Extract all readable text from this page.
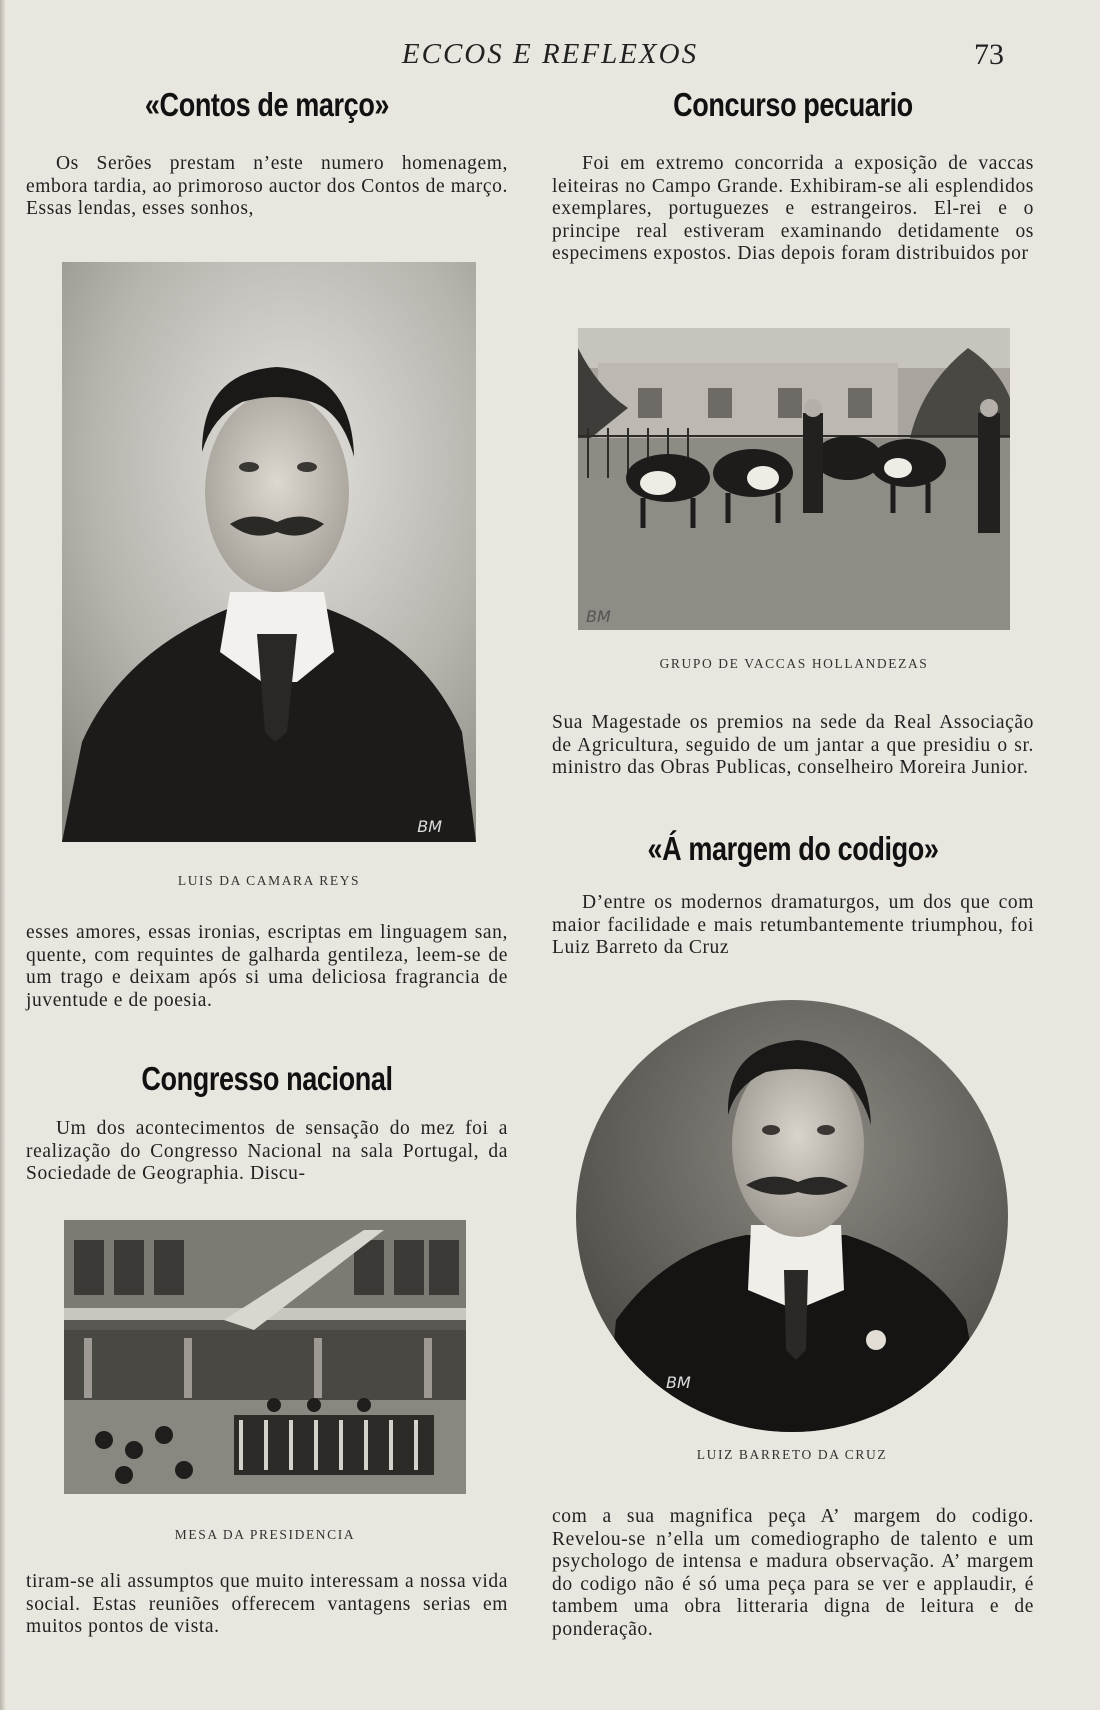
ECCOS E REFLEXOS	73
«Contos de março»
Os Serões prestam n’este numero homenagem, embora tardia, ao primoroso auctor dos Contos de março. Essas lendas, esses sonhos,
BM
LUIS DA CAMARA REYS
esses amores, essas ironias, escriptas em linguagem san, quente, com requintes de galharda gentileza, leem-se de um trago e deixam após si uma deliciosa fragrancia de juventude e de poesia.
Congresso nacional
Um dos acontecimentos de sensação do mez foi a realização do Congresso Nacional na sala Portugal, da Sociedade de Geographia. Discu-
MESA DA PRESIDENCIA
tiram-se ali assumptos que muito interessam a nossa vida social. Estas reuniões offerecem vantagens serias em muitos pontos de vista.
Concurso pecuario
Foi em extremo concorrida a exposição de vaccas leiteiras no Campo Grande. Exhibiram-se ali esplendidos exemplares, portuguezes e estrangeiros. El-rei e o principe real estiveram examinando detidamente os especimens expostos. Dias depois foram distribuidos por
BM
GRUPO DE VACCAS HOLLANDEZAS
Sua Magestade os premios na sede da Real Associação de Agricultura, seguido de um jantar a que presidiu o sr. ministro das Obras Publicas, conselheiro Moreira Junior.
«Á margem do codigo»
D’entre os modernos dramaturgos, um dos que com maior facilidade e mais retumbantemente triumphou, foi Luiz Barreto da Cruz
BM
LUIZ BARRETO DA CRUZ
com a sua magnifica peça A’ margem do codigo. Revelou-se n’ella um comediographo de talento e um psychologo de intensa e madura observação. A’ margem do codigo não é só uma peça para se ver e applaudir, é tambem uma obra litteraria digna de leitura e de ponderação.
